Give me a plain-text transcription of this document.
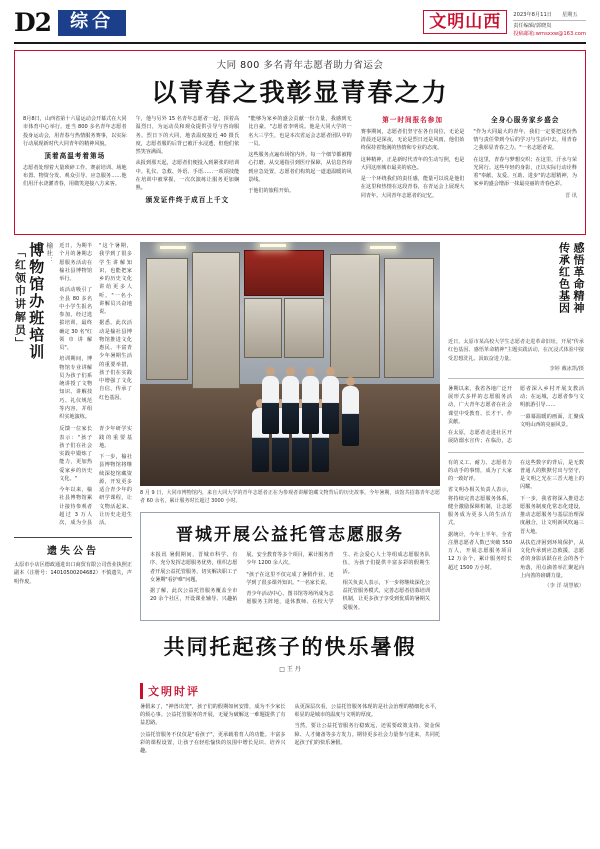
D2	综合	文明山西	2023年8月11日 星期五
责任编辑/郭晓岚
投稿邮箱:wmsxxw@163.com
大同 800 多名青年志愿者助力省运会
以青春之我彰显青春之力

8月8日，山西省第十六届运动会开幕式在大同市体育中心举行。连当 800 多名青年志愿者投身运动会，用青春与热情服务赛事，以实际行动展现新时代大同青年的精神风貌。

顶着高温考着第场

志愿者处理着大量琐碎工作。赛前培训、场地布置、物资分发、观众引导、应急服务……他们用汗水浇灌青春，用微笑迎接八方来客。

午，他与另外 15 名青年志愿者一起，顶着高温烈日，为运动员和观众提供引导与咨询服务。烈日下的大同，地表温度接近 40 摄氏度，志愿者服的后背已被汗水浸透，但他们依然笑容满面。

从报到那天起，志愿者们便投入到紧张的培训中。礼仪、急救、外语、手语……一项项技能在培训中被掌握，一次次演练让服务更加娴熟。

颁发证件终于成百上千文

"能够为家乡的盛会贡献一份力量，我感到无比自豪。"志愿者李明说。他是大同大学的一名大三学生，也是本次省运会志愿者团队中的一员。

这些服务点遍布场馆内外，每一个细节都被精心打磨。从交通指引到医疗保障，从信息咨询到应急处置，志愿者们构筑起一道道温暖的风景线。

于他们的旅程开始。

第一时间报名参加

赛事期间，志愿者们坚守在各自岗位，无论是清晨还是深夜，无论是烈日还是风雨，他们始终保持着饱满的热情和专业的态度。

这种精神，正是新时代青年的生动写照，也是大同这座城市最美的底色。

是一个环绕我们的责任感，能量可以说是他们在这里和热情在这段青春，在青运会上展现大同青年。大同青年志愿者的记忆。

全身心服务家乡盛会

"作为大同最大的青年，我们一定要把这份热情与责任带到今后的学习与生活中去，用青春之我彰显青春之力。"一名志愿者说。

在这里，青春与梦想交织；在这里，汗水与荣光同行。这些年轻的身影，正以实际行动诠释着"奉献、友爱、互助、进步"的志愿精神，为家乡的盛会增添一抹最亮丽的青春色彩。

晋 讯
榆社：
博物馆办班培训
「红领巾讲解员」	近日，为期半个月的暑期志愿服务活动在榆社县博物馆举行。

该活动吸引了全县 80 多名中小学生报名参加，经过选拔培训，最终确定 30 名"红领巾讲解员"。

培训期间，博物馆专业讲解员为孩子们系统讲授了文物知识、讲解技巧、礼仪规范等内容，并组织实地演练。

"这个暑期，我学到了很多学生讲解知识，也能把家乡的历史文化讲给更多人听。"一名小讲解员兴奋地说。

据悉，此次活动是榆社县博物馆推进文化惠民、丰富青少年暑期生活的重要举措，孩子们在实践中增强了文化自信，传承了红色基因。

反馈一位家长表示："孩子孩子们在社会实践中锻炼了能力，更加热爱家乡的历史文化。"

今年以来，榆社县博物馆累计接待参观者超过 3 万人次，成为全县青少年研学实践的重要基地。

下一步，榆社县博物馆将继续深挖馆藏资源，开发更多适合青少年的研学课程，让文物活起来、让历史走进生活。

遗失公告
太原市小店区德政通进出口商贸有限公司营业执照正副本（注册号：14010500204682）不慎遗失，声明作废。
8 月 9 日，大同市博物馆内，来自大同大学的青年志愿者正在为参观者讲解馆藏文物背后的历史故事。今年暑期，该馆共招募青年志愿者 60 余名，累计服务时长超过 3000 小时。
晋城开展公益托管志愿服务

本报讯 暑假期间，晋城市科学、有序、充分发挥志愿服务优势，组织志愿者开展公益托管服务，切实解决职工子女暑期"看护难"问题。

据了解，此次公益托管服务覆盖全市 20 余个社区，开设课业辅导、兴趣拓展、安全教育等多个项目，累计服务青少年 1200 余人次。

"孩子在这里不仅完成了暑假作业，还学到了很多课外知识。"一名家长说。

青少年活动中心、图书馆等场所成为志愿服务主阵地，退休教师、在校大学生、社会爱心人士等组成志愿服务队伍，为孩子们提供丰富多彩的假期生活。

相关负责人表示，下一步将继续深化公益托管服务模式，完善志愿者招募培训机制，让更多孩子享受到优质的暑期关爱服务。

共同托起孩子的快乐暑假
□ 王 丹
文明时评

暑假来了，"神兽出笼"，孩子们的假期如何安排，成为不少家长的烦心事。公益托管服务的开展，无疑为破解这一难题提供了有益思路。

公益托管服务不仅仅是"看孩子"，更承载着育人的功能。丰富多彩的课程设置，让孩子在轻松愉快的氛围中增长见识、培养兴趣。

从更深层次看，公益托管服务体现的是社会治理的精细化水平，彰显的是城市的温度与文明的厚度。

当然，要让公益托管服务行稳致远，还需要政策支持、资金保障、人才储备等多方发力。期待更多社会力量参与进来，共同托起孩子们的快乐暑假。

传承红色基因 感悟革命精神
近日，太原市某高校大学生志愿者走进革命旧址，开展"传承红色基因、感悟革命精神"主题实践活动，在沉浸式体验中接受思想洗礼、汲取奋进力量。
李婷 戴冰凯/摄

暑期以来，我省各地广泛开展形式多样的志愿服务活动，广大青年志愿者在社会课堂中受教育、长才干、作贡献。

在太原，志愿者走进社区开展防溺水宣传；在临汾，志愿者深入乡村开展支教活动；在运城，志愿者参与文明旅游引导……

一幕幕温暖的画面，汇聚成文明山西的亮丽风景。

有的义工、耐力、志愿者力的动手的事情，成为了大家的一致好评。

省文明办相关负责人表示，将持续完善志愿服务体系，健全激励保障机制，让志愿服务成为更多人的生活方式。

据统计，今年上半年，全省注册志愿者人数已突破 550 万人，开展志愿服务项目 12 万余个，累计服务时长超过 1500 万小时。

在这些数字的背后，是无数普通人的默默付出与坚守，是文明之光在三晋大地上的闪耀。

下一步，我省将深入推进志愿服务制度化常态化建设，推动志愿服务与基层治理深度融合，让文明新风吹遍三晋大地。

从扶危济困到环境保护，从文化传承到应急救援，志愿者的身影活跃在社会的各个角落，用点滴善举汇聚起向上向善的磅礴力量。

（李 洋 胡慧敏）
